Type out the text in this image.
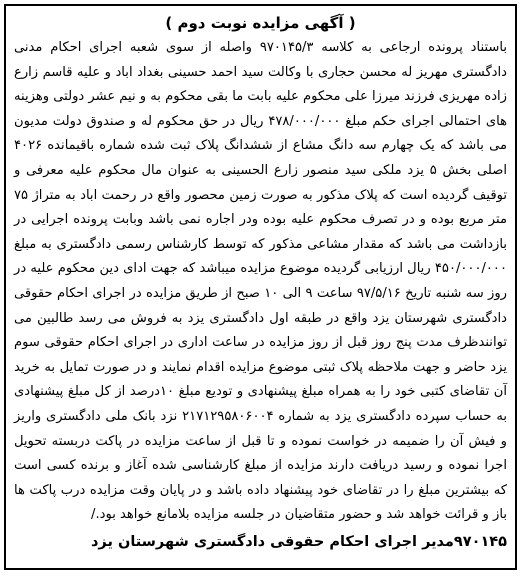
( آگهی مزایده نوبت دوم )

باستناد پرونده ارجاعی به کلاسه ۹۷۰۱۴۵/۳ واصله از سوی شعبه اجرای احکام مدنی دادگستری مهریز له محسن حجاری با وکالت سید احمد حسینی بغداد اباد و علیه قاسم زارع زاده مهریزی فرزند میرزا علی محکوم علیه بابت ما بقی محکوم به و نیم عشر دولتی وهزینه های احتمالی اجرای حکم مبلغ ۴۷۸/۰۰۰/۰۰۰ ریال در حق محکوم له و صندوق دولت مدیون می باشد که یک چهارم سه دانگ مشاع از ششدانگ پلاک ثبت شده شماره باقیمانده ۴۰۲۶ اصلی بخش ۵ یزد ملکی سید منصور زارع الحسینی به عنوان مال محکوم علیه معرفی و توقیف گردیده است که پلاک مذکور به صورت زمین محصور واقع در رحمت اباد به متراژ ۷۵ متر مربع بوده و در تصرف محکوم علیه بوده ودر اجاره نمی باشد وبابت پرونده اجرایی در بازداشت می باشد که مقدار مشاعی مذکور که توسط کارشناس رسمی دادگستری به مبلغ ۴۵۰/۰۰۰/۰۰۰ ریال ارزیابی گردیده موضوع مزایده میباشد که جهت ادای دین محکوم علیه در روز سه شنبه تاریخ ۹۷/۵/۱۶ ساعت ۹ الی ۱۰ صبح از طریق مزایده در اجرای احکام حقوقی دادگستری شهرستان یزد واقع در طبقه اول دادگستری یزد به فروش می رسد طالبین می توانندظرف مدت پنج روز قبل از روز مزایده در ساعت اداری در اجرای احکام حقوقی سوم یزد حاضر و جهت ملاحظه پلاک ثبتی موضوع مزایده اقدام نمایند و در صورت تمایل به خرید آن تقاضای کتبی خود را به همراه مبلغ پیشنهادی و تودیع مبلغ ۱۰درصد از کل مبلغ پیشنهادی به حساب سپرده دادگستری یزد به شماره ۲۱۷۱۲۹۵۸۰۶۰۰۴ نزد بانک ملی دادگستری واریز و فیش آن را ضمیمه در خواست نموده و تا قبل از ساعت مزایده در پاکت دربسته تحویل اجرا نموده و رسید دریافت دارند مزایده از مبلغ کارشناسی شده آغاز و برنده کسی است که بیشترین مبلغ را در تقاضای خود پیشنهاد داده باشد و در پایان وقت مزایده درب پاکت ها باز و قرائت خواهد شد و حضور متقاضیان در جلسه مزایده بلامانع خواهد بود./

۹۷۰۱۴۵مدیر اجرای احکام حقوقی دادگستری شهرستان یزد
